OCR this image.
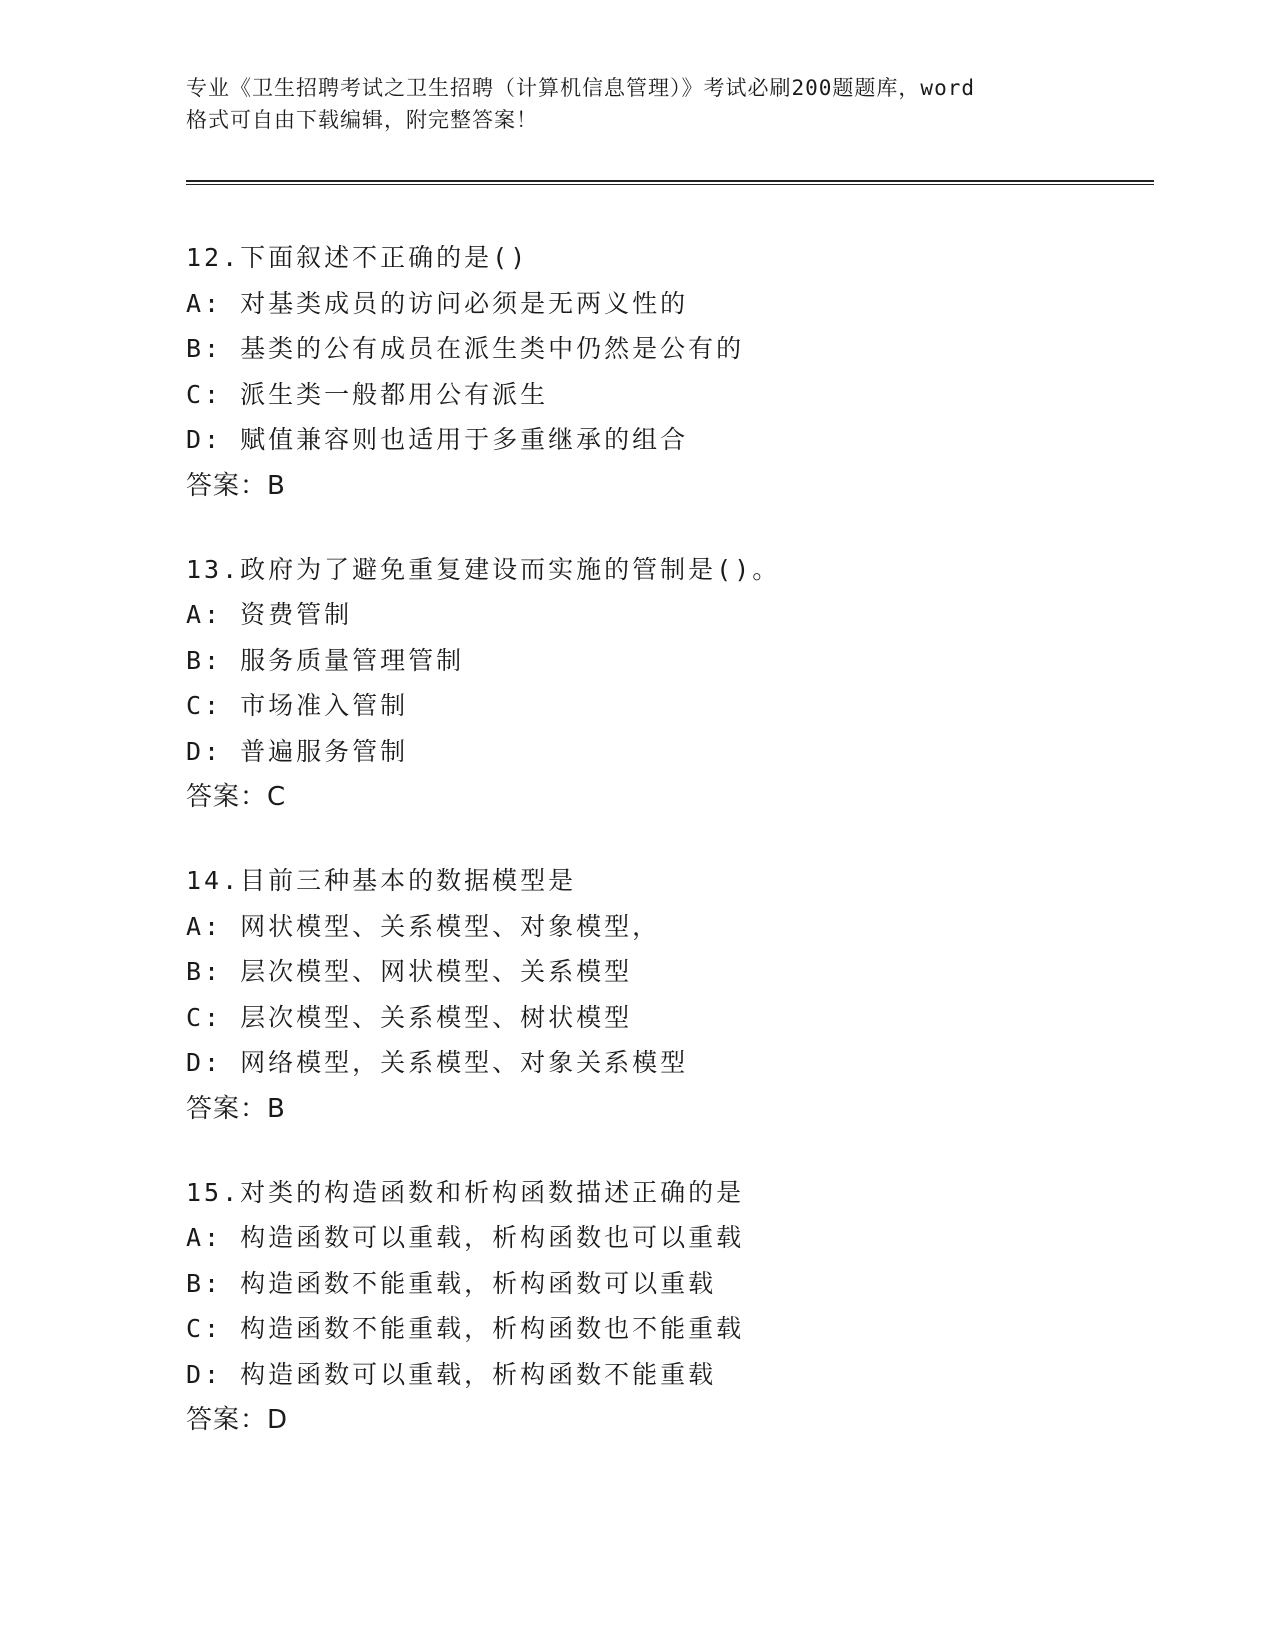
专业《卫生招聘考试之卫生招聘（计算机信息管理）》考试必刷200题题库，word

格式可自由下载编辑，附完整答案！

12.下面叙述不正确的是()
A: 对基类成员的访问必须是无两义性的
B: 基类的公有成员在派生类中仍然是公有的
C: 派生类一般都用公有派生
D: 赋值兼容则也适用于多重继承的组合
答案：B
13.政府为了避免重复建设而实施的管制是()。
A: 资费管制
B: 服务质量管理管制
C: 市场准入管制
D: 普遍服务管制
答案：C
14.目前三种基本的数据模型是
A: 网状模型、关系模型、对象模型，
B: 层次模型、网状模型、关系模型
C: 层次模型、关系模型、树状模型
D: 网络模型，关系模型、对象关系模型
答案：B
15.对类的构造函数和析构函数描述正确的是
A: 构造函数可以重载，析构函数也可以重载
B: 构造函数不能重载，析构函数可以重载
C: 构造函数不能重载，析构函数也不能重载
D: 构造函数可以重载，析构函数不能重载
答案：D
